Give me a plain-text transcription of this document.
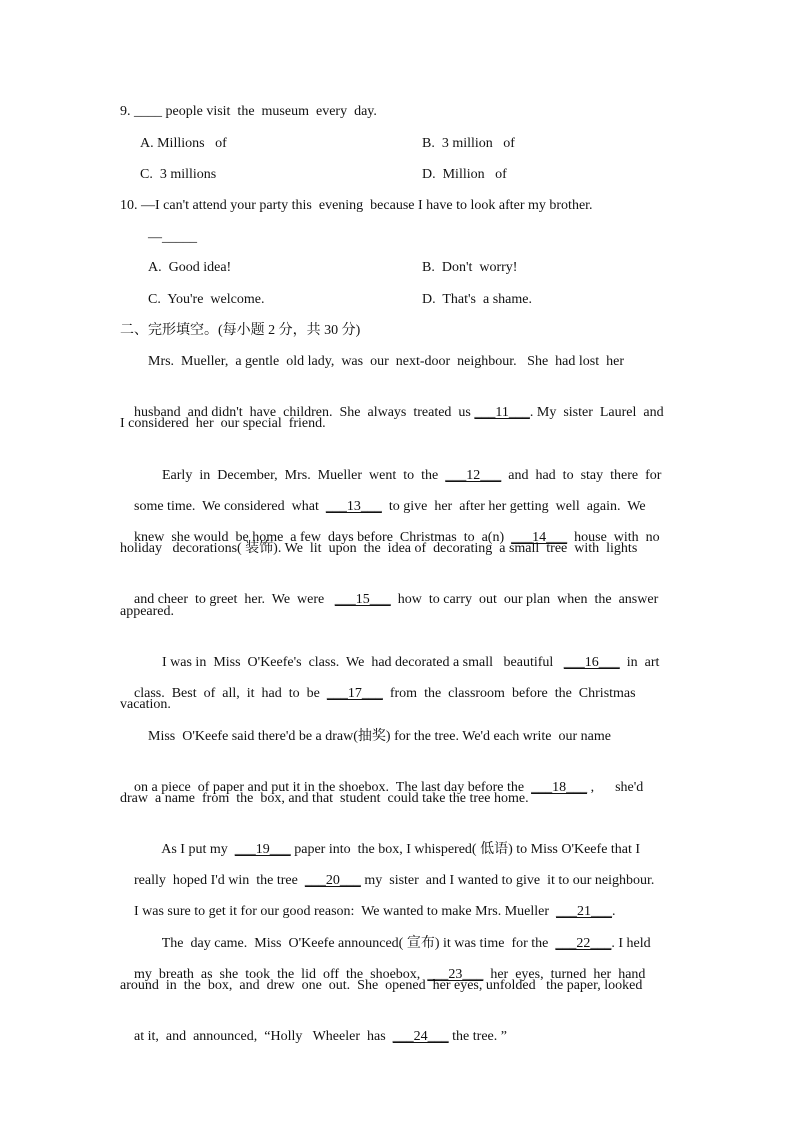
9. ____ people visit  the  museum  every  day.
A. Millions   of	B.  3 million   of
C.  3 millions	D.  Million   of
10. —I can't attend your party this  evening  because I have to look after my brother.
—_____
A.  Good idea!	B.  Don't  worry!
C.  You're  welcome.	D.  That's  a shame.
二、完形填空。(每小题 2 分，共 30 分)
Mrs.  Mueller,  a gentle  old lady,  was  our  next-door  neighbour.   She  had lost  her

husband  and didn't  have  children.  She  always  treated  us ___11___. My  sister  Laurel  and

I considered  her  our special  friend.

Early  in  December,  Mrs.  Mueller  went  to  the  ___12___  and  had  to  stay  there  for

some time.  We considered  what  ___13___  to give  her  after her getting  well  again.  We

knew  she would  be home  a few  days before  Christmas  to  a(n)  ___14___  house  with  no

holiday   decorations( 装饰). We  lit  upon  the  idea of  decorating  a small  tree  with  lights

and cheer  to greet  her.  We  were   ___15___  how  to carry  out  our plan  when  the  answer

appeared.

I was in  Miss  O'Keefe's  class.  We  had decorated a small   beautiful   ___16___  in  art

class.  Best  of  all,  it  had  to  be  ___17___  from  the  classroom  before  the  Christmas

vacation.
Miss  O'Keefe said there'd be a draw(抽奖) for the tree. We'd each write  our name

on a piece  of paper and put it in the shoebox.  The last day before the  ___18___ ,      she'd

draw  a name  from  the  box, and that  student  could take the tree home.

As I put my  ___19___ paper into  the box, I whispered( 低语) to Miss O'Keefe that I

really  hoped I'd win  the tree  ___20___ my  sister  and I wanted to give  it to our neighbour.

I was sure to get it for our good reason:  We wanted to make Mrs. Mueller  ___21___.

The  day came.  Miss  O'Keefe announced( 宣布) it was time  for the  ___22___. I held

my  breath  as  she  took  the  lid  off  the  shoebox,  ___23___  her  eyes,  turned  her  hand

around  in  the  box,  and  drew  one  out.  She  opened  her eyes, unfolded   the paper, looked

at it,  and  announced,  “Holly   Wheeler  has  ___24___ the tree. ”
